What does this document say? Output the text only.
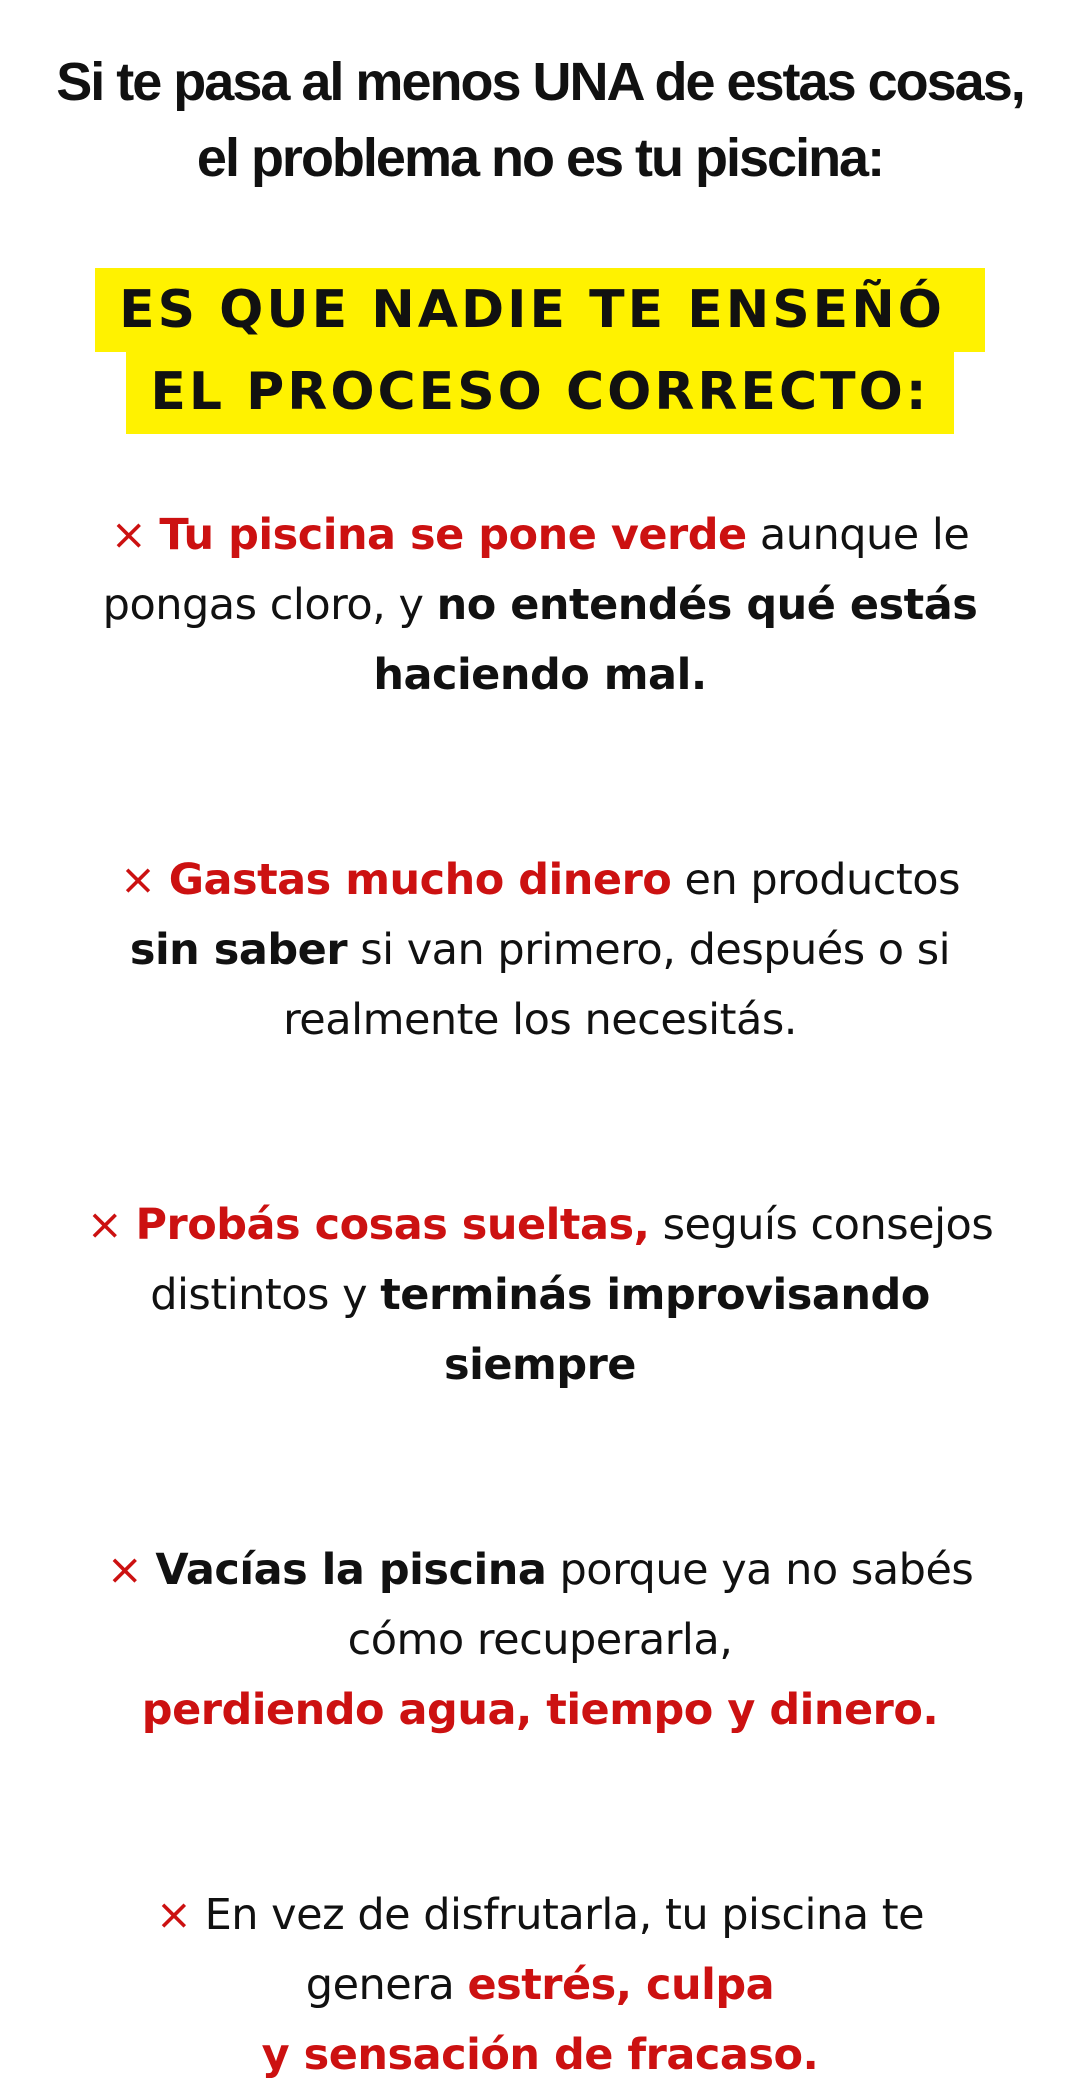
Si te pasa al menos UNA de estas cosas,
el problema no es tu piscina:
ES QUE NADIE TE ENSEÑÓ
EL PROCESO CORRECTO:
× Tu piscina se pone verde aunque le pongas cloro, y no entendés qué estás haciendo mal.
× Gastas mucho dinero en productos sin saber si van primero, después o si realmente los necesitás.
× Probás cosas sueltas, seguís consejos distintos y terminás improvisando siempre
× Vacías la piscina porque ya no sabés cómo recuperarla,
perdiendo agua, tiempo y dinero.
× En vez de disfrutarla, tu piscina te genera estrés, culpa
y sensación de fracaso.
